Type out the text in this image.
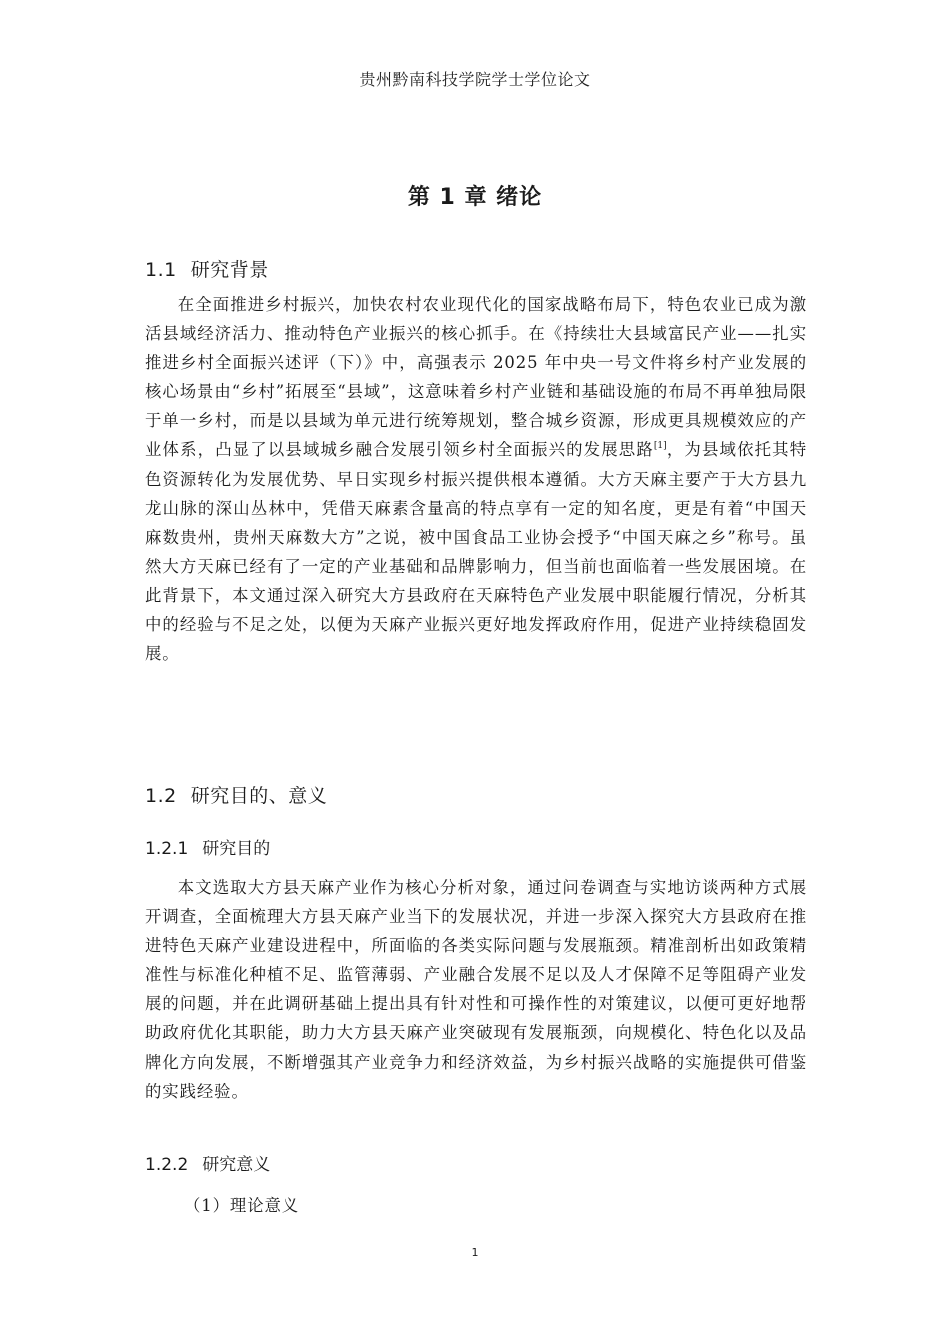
贵州黔南科技学院学士学位论文
第 1 章 绪论
1.1 研究背景

在全面推进乡村振兴，加快农村农业现代化的国家战略布局下，特色农业已成为激活县域经济活力、推动特色产业振兴的核心抓手。在《持续壮大县域富民产业——扎实推进乡村全面振兴述评（下）》中，高强表示 2025 年中央一号文件将乡村产业发展的核心场景由“乡村”拓展至“县域”，这意味着乡村产业链和基础设施的布局不再单独局限于单一乡村，而是以县域为单元进行统筹规划，整合城乡资源，形成更具规模效应的产业体系，凸显了以县域城乡融合发展引领乡村全面振兴的发展思路[1]，为县域依托其特色资源转化为发展优势、早日实现乡村振兴提供根本遵循。大方天麻主要产于大方县九龙山脉的深山丛林中，凭借天麻素含量高的特点享有一定的知名度，更是有着“中国天麻数贵州，贵州天麻数大方”之说，被中国食品工业协会授予“中国天麻之乡”称号。虽然大方天麻已经有了一定的产业基础和品牌影响力，但当前也面临着一些发展困境。在此背景下，本文通过深入研究大方县政府在天麻特色产业发展中职能履行情况，分析其中的经验与不足之处，以便为天麻产业振兴更好地发挥政府作用，促进产业持续稳固发展。

1.2 研究目的、意义
1.2.1 研究目的

本文选取大方县天麻产业作为核心分析对象，通过问卷调查与实地访谈两种方式展开调查，全面梳理大方县天麻产业当下的发展状况，并进一步深入探究大方县政府在推进特色天麻产业建设进程中，所面临的各类实际问题与发展瓶颈。精准剖析出如政策精准性与标准化种植不足、监管薄弱、产业融合发展不足以及人才保障不足等阻碍产业发展的问题，并在此调研基础上提出具有针对性和可操作性的对策建议，以便可更好地帮助政府优化其职能，助力大方县天麻产业突破现有发展瓶颈，向规模化、特色化以及品牌化方向发展，不断增强其产业竞争力和经济效益，为乡村振兴战略的实施提供可借鉴的实践经验。

1.2.2 研究意义
（1）理论意义
1
